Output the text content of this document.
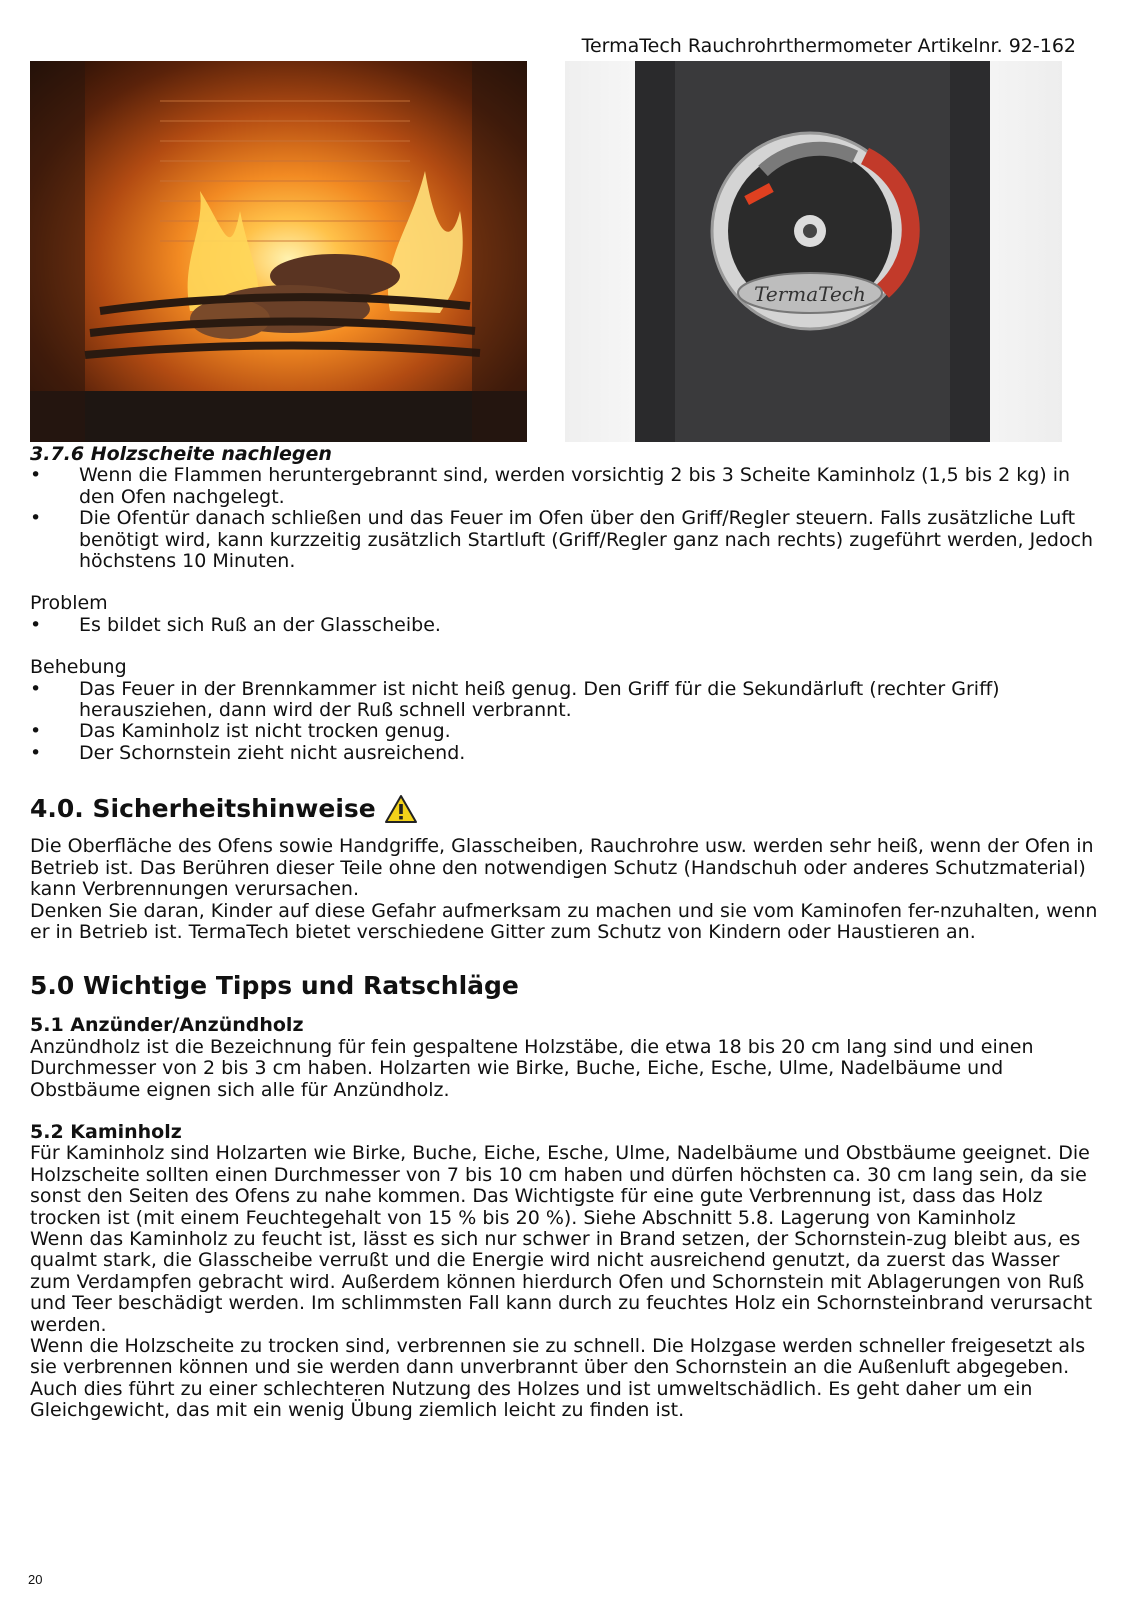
TermaTech Rauchrohrthermometer Artikelnr. 92-162
TermaTech

3.7.6 Holzscheite nachlegen

• Wenn die Flammen heruntergebrannt sind, werden vorsichtig 2 bis 3 Scheite Kaminholz (1,5 bis 2 kg) in den Ofen nachgelegt.
• Die Ofentür danach schließen und das Feuer im Ofen über den Griff/Regler steuern. Falls zusätzliche Luft benötigt wird, kann kurzzeitig zusätzlich Startluft (Griff/Regler ganz nach rechts) zugeführt werden, Jedoch höchstens 10 Minuten.

Problem

• Es bildet sich Ruß an der Glasscheibe.

Behebung

• Das Feuer in der Brennkammer ist nicht heiß genug. Den Griff für die Sekundärluft (rechter Griff) herausziehen, dann wird der Ruß schnell verbrannt.
• Das Kaminholz ist nicht trocken genug.
• Der Schornstein zieht nicht ausreichend.

4.0. Sicherheitshinweise

Die Oberfläche des Ofens sowie Handgriffe, Glasscheiben, Rauchrohre usw. werden sehr heiß, wenn der Ofen in Betrieb ist. Das Berühren dieser Teile ohne den notwendigen Schutz (Handschuh oder anderes Schutzmaterial) kann Verbrennungen verursachen.

Denken Sie daran, Kinder auf diese Gefahr aufmerksam zu machen und sie vom Kaminofen fer-nzuhalten, wenn er in Betrieb ist. TermaTech bietet verschiedene Gitter zum Schutz von Kindern oder Haustieren an.

5.0 Wichtige Tipps und Ratschläge

5.1 Anzünder/Anzündholz

Anzündholz ist die Bezeichnung für fein gespaltene Holzstäbe, die etwa 18 bis 20 cm lang sind und einen Durchmesser von 2 bis 3 cm haben. Holzarten wie Birke, Buche, Eiche, Esche, Ulme, Nadelbäume und Obstbäume eignen sich alle für Anzündholz.

5.2 Kaminholz

Für Kaminholz sind Holzarten wie Birke, Buche, Eiche, Esche, Ulme, Nadelbäume und Obstbäume geeignet. Die Holzscheite sollten einen Durchmesser von 7 bis 10 cm haben und dürfen höchsten ca. 30 cm lang sein, da sie sonst den Seiten des Ofens zu nahe kommen. Das Wichtigste für eine gute Verbrennung ist, dass das Holz trocken ist (mit einem Feuchtegehalt von 15 % bis 20 %). Siehe Abschnitt 5.8. Lagerung von Kaminholz

Wenn das Kaminholz zu feucht ist, lässt es sich nur schwer in Brand setzen, der Schornstein-zug bleibt aus, es qualmt stark, die Glasscheibe verrußt und die Energie wird nicht ausreichend genutzt, da zuerst das Wasser zum Verdampfen gebracht wird. Außerdem können hierdurch Ofen und Schornstein mit Ablagerungen von Ruß und Teer beschädigt werden. Im schlimmsten Fall kann durch zu feuchtes Holz ein Schornsteinbrand verursacht werden.

Wenn die Holzscheite zu trocken sind, verbrennen sie zu schnell. Die Holzgase werden schneller freigesetzt als sie verbrennen können und sie werden dann unverbrannt über den Schornstein an die Außenluft abgegeben. Auch dies führt zu einer schlechteren Nutzung des Holzes und ist umweltschädlich. Es geht daher um ein Gleichgewicht, das mit ein wenig Übung ziemlich leicht zu finden ist.

20
